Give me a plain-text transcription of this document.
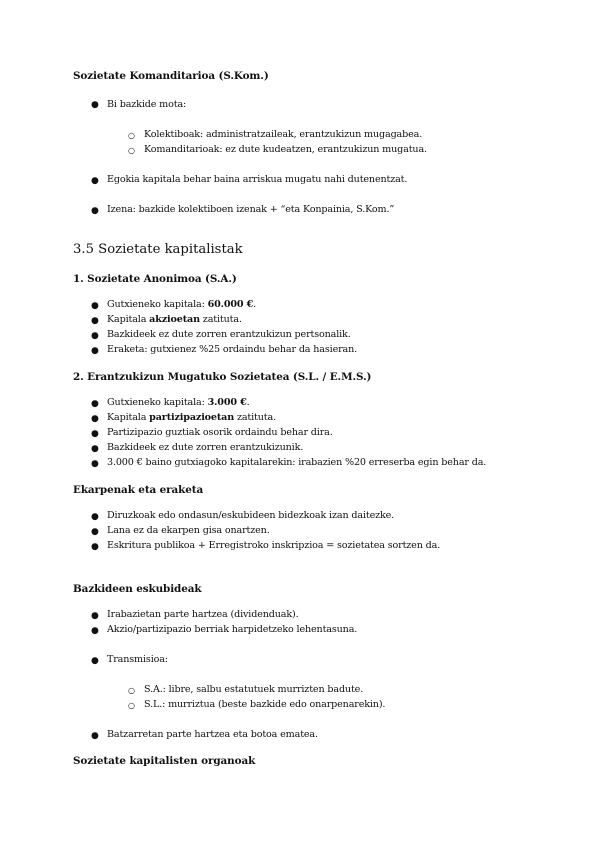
Sozietate Komanditarioa (S.Kom.)
● Bi bazkide mota:
○ Kolektiboak: administratzaileak, erantzukizun mugagabea.
○ Komanditarioak: ez dute kudeatzen, erantzukizun mugatua.
● Egokia kapitala behar baina arriskua mugatu nahi dutenentzat.
● Izena: bazkide kolektiboen izenak + “eta Konpainia, S.Kom.”
3.5 Sozietate kapitalistak
1. Sozietate Anonimoa (S.A.)
● Gutxieneko kapitala: 60.000 €.
● Kapitala akzioetan zatituta.
● Bazkideek ez dute zorren erantzukizun pertsonalik.
● Eraketa: gutxienez %25 ordaindu behar da hasieran.
2. Erantzukizun Mugatuko Sozietatea (S.L. / E.M.S.)
● Gutxieneko kapitala: 3.000 €.
● Kapitala partizipazioetan zatituta.
● Partizipazio guztiak osorik ordaindu behar dira.
● Bazkideek ez dute zorren erantzukizunik.
● 3.000 € baino gutxiagoko kapitalarekin: irabazien %20 erreserba egin behar da.
Ekarpenak eta eraketa
● Diruzkoak edo ondasun/eskubideen bidezkoak izan daitezke.
● Lana ez da ekarpen gisa onartzen.
● Eskritura publikoa + Erregistroko inskripzioa = sozietatea sortzen da.
Bazkideen eskubideak
● Irabazietan parte hartzea (dividenduak).
● Akzio/partizipazio berriak harpidetzeko lehentasuna.
● Transmisioa:
○ S.A.: libre, salbu estatutuek murrizten badute.
○ S.L.: murriztua (beste bazkide edo onarpenarekin).
● Batzarretan parte hartzea eta botoa ematea.
Sozietate kapitalisten organoak
